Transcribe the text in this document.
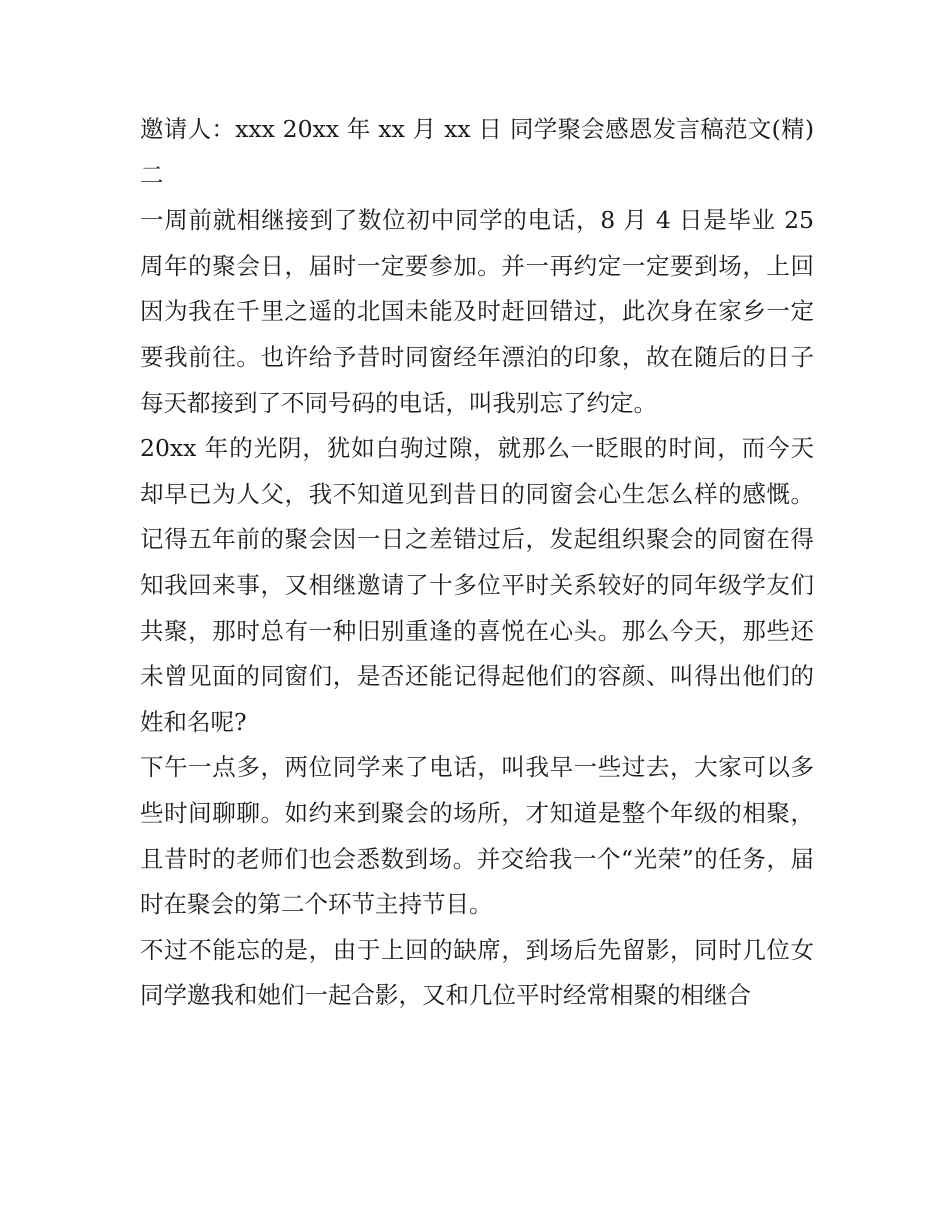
邀请人：xxx 20xx 年 xx 月 xx 日 同学聚会感恩发言稿范文(精)二

一周前就相继接到了数位初中同学的电话，8 月 4 日是毕业 25 周年的聚会日，届时一定要参加。并一再约定一定要到场，上回因为我在千里之遥的北国未能及时赶回错过，此次身在家乡一定要我前往。也许给予昔时同窗经年漂泊的印象，故在随后的日子每天都接到了不同号码的电话，叫我别忘了约定。

20xx 年的光阴，犹如白驹过隙，就那么一眨眼的时间，而今天却早已为人父，我不知道见到昔日的同窗会心生怎么样的感慨。记得五年前的聚会因一日之差错过后，发起组织聚会的同窗在得知我回来事，又相继邀请了十多位平时关系较好的同年级学友们共聚，那时总有一种旧别重逢的喜悦在心头。那么今天，那些还未曾见面的同窗们，是否还能记得起他们的容颜、叫得出他们的姓和名呢?

下午一点多，两位同学来了电话，叫我早一些过去，大家可以多些时间聊聊。如约来到聚会的场所，才知道是整个年级的相聚，且昔时的老师们也会悉数到场。并交给我一个“光荣”的任务，届时在聚会的第二个环节主持节目。

不过不能忘的是，由于上回的缺席，到场后先留影，同时几位女同学邀我和她们一起合影，又和几位平时经常相聚的相继合
